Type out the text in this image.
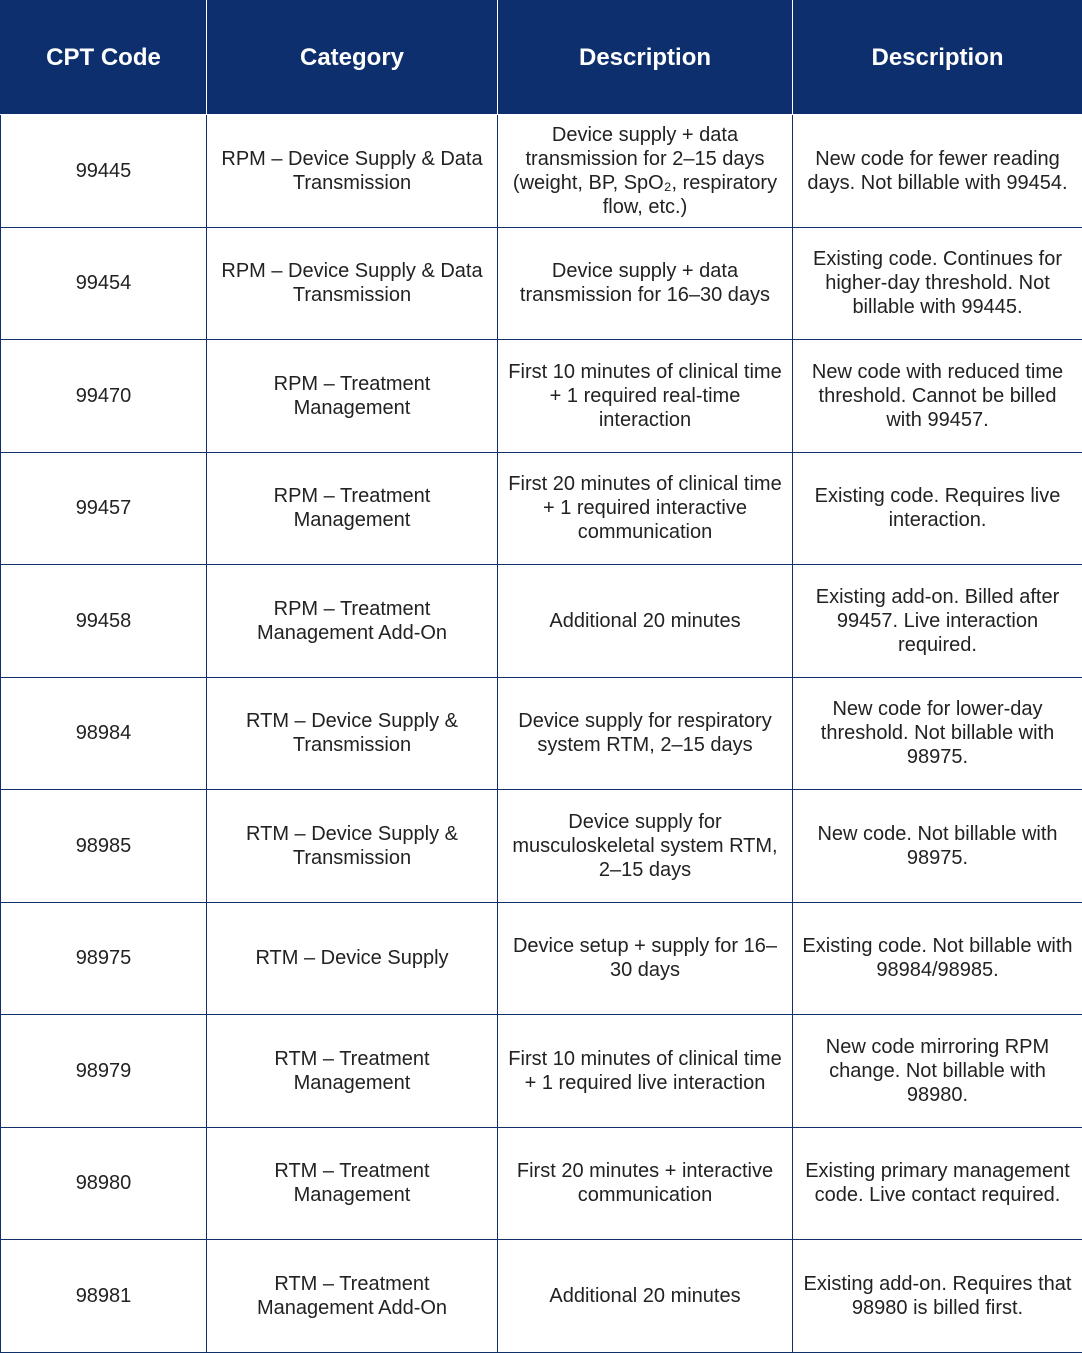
CPT Code	Category	Description	Description
99445	RPM – Device Supply & Data Transmission	Device supply + data transmission for 2–15 days (weight, BP, SpO₂, respiratory flow, etc.)	New code for fewer reading days. Not billable with 99454.
99454	RPM – Device Supply & Data Transmission	Device supply + data transmission for 16–30 days	Existing code. Continues for higher-day threshold. Not billable with 99445.
99470	RPM – Treatment Management	First 10 minutes of clinical time + 1 required real-time interaction	New code with reduced time threshold. Cannot be billed with 99457.
99457	RPM – Treatment Management	First 20 minutes of clinical time + 1 required interactive communication	Existing code. Requires live interaction.
99458	RPM – Treatment Management Add-On	Additional 20 minutes	Existing add-on. Billed after 99457. Live interaction required.
98984	RTM – Device Supply & Transmission	Device supply for respiratory system RTM, 2–15 days	New code for lower-day threshold. Not billable with 98975.
98985	RTM – Device Supply & Transmission	Device supply for musculoskeletal system RTM, 2–15 days	New code. Not billable with 98975.
98975	RTM – Device Supply	Device setup + supply for 16–30 days	Existing code. Not billable with 98984/98985.
98979	RTM – Treatment Management	First 10 minutes of clinical time + 1 required live interaction	New code mirroring RPM change. Not billable with 98980.
98980	RTM – Treatment Management	First 20 minutes + interactive communication	Existing primary management code. Live contact required.
98981	RTM – Treatment Management Add-On	Additional 20 minutes	Existing add-on. Requires that 98980 is billed first.
